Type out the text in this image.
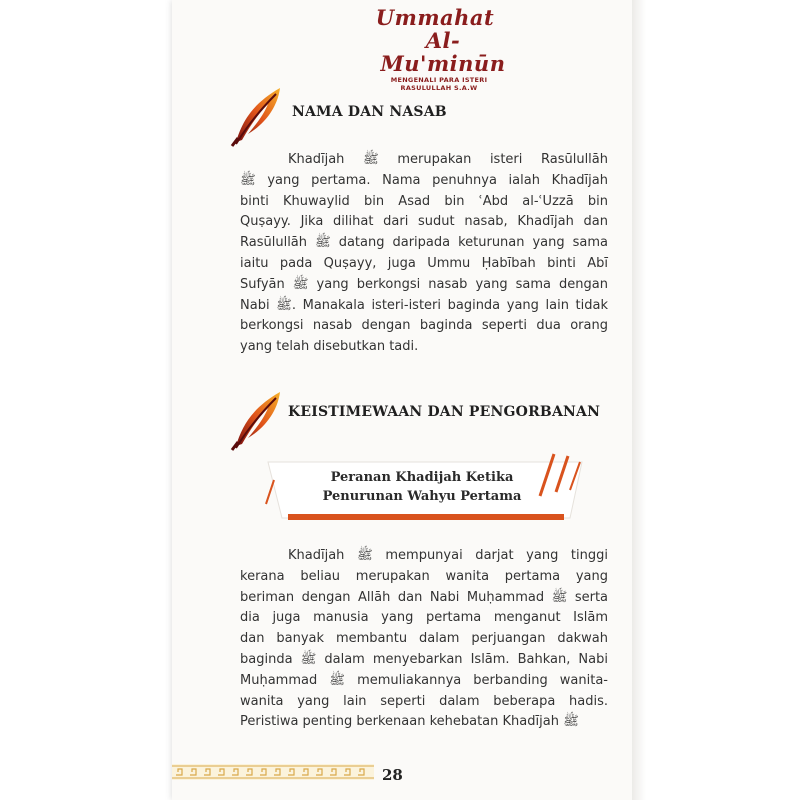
Ummahat
Al-Mu'minūn
MENGENALI PARA ISTERI RASULULLAH S.A.W
NAMA DAN NASAB
Khadījah ﷺ merupakan isteri Rasūlullāh
ﷺ yang pertama. Nama penuhnya ialah Khadījah
binti Khuwaylid bin Asad bin ʿAbd al-ʿUzzā bin
Quṣayy. Jika dilihat dari sudut nasab, Khadījah dan
Rasūlullāh ﷺ datang daripada keturunan yang sama
iaitu pada Quṣayy, juga Ummu Ḥabībah binti Abī
Sufyān ﷺ yang berkongsi nasab yang sama dengan
Nabi ﷺ. Manakala isteri-isteri baginda yang lain tidak
berkongsi nasab dengan baginda seperti dua orang
yang telah disebutkan tadi.
KEISTIMEWAAN DAN PENGORBANAN
Peranan Khadijah Ketika
Penurunan Wahyu Pertama
Khadījah ﷺ mempunyai darjat yang tinggi
kerana beliau merupakan wanita pertama yang
beriman dengan Allāh dan Nabi Muḥammad ﷺ serta
dia juga manusia yang pertama menganut Islām
dan banyak membantu dalam perjuangan dakwah
baginda ﷺ dalam menyebarkan Islām. Bahkan, Nabi
Muḥammad ﷺ memuliakannya berbanding wanita-
wanita yang lain seperti dalam beberapa hadis.
Peristiwa penting berkenaan kehebatan Khadījah ﷺ
28
